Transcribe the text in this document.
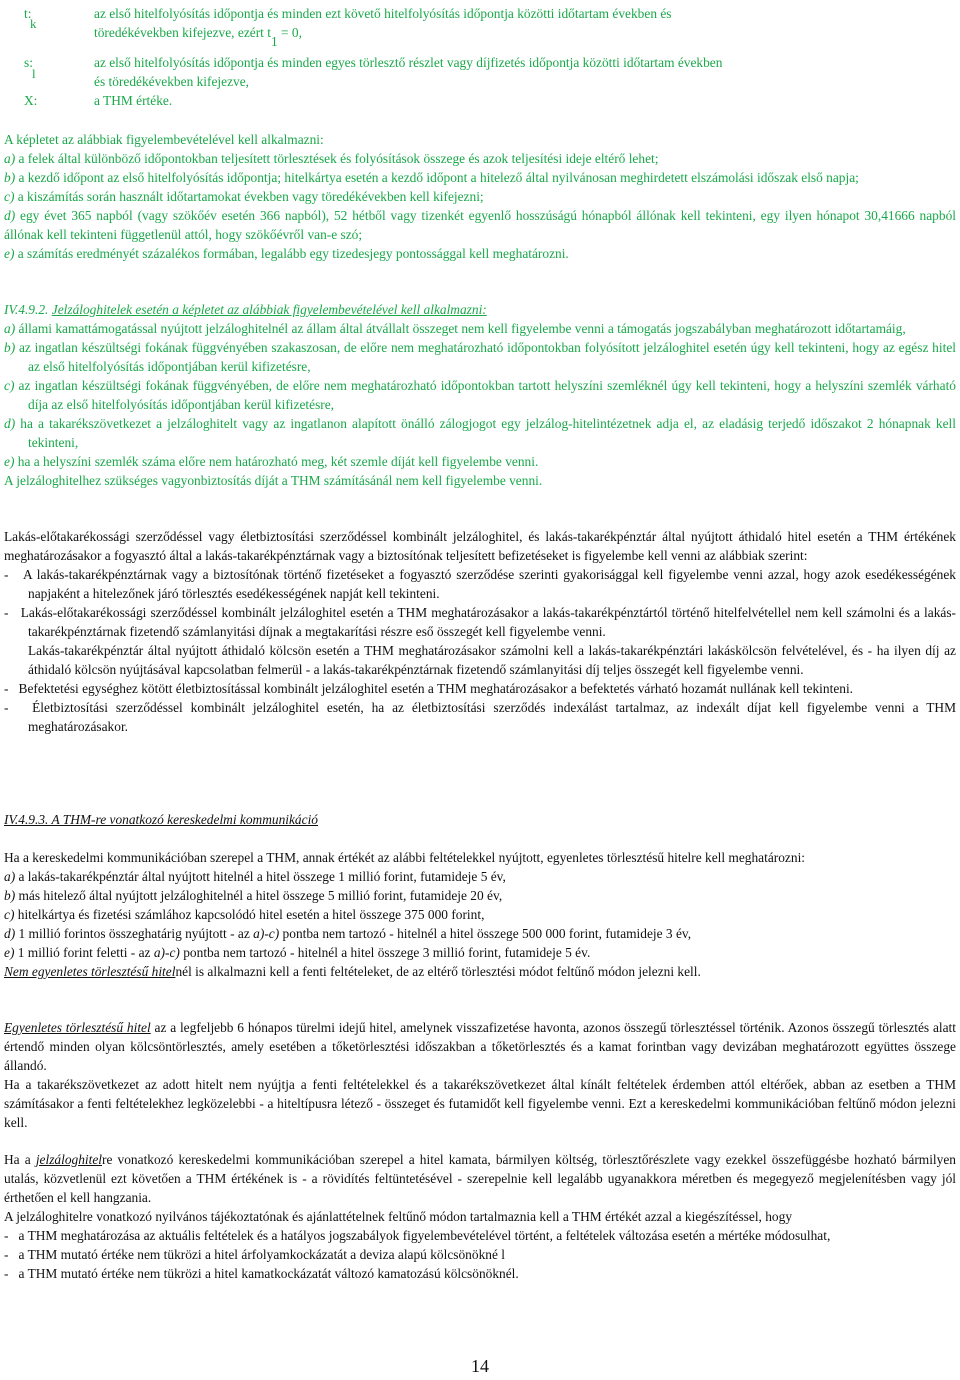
t:
k
az első hitelfolyósítás időpontja és minden ezt követő hitelfolyósítás időpontja közötti időtartam években és
töredékévekben kifejezve, ezért t1 = 0,
s:
l
az első hitelfolyósítás időpontja és minden egyes törlesztő részlet vagy díjfizetés időpontja közötti időtartam években
és töredékévekben kifejezve,
X:	a THM értéke.

A képletet az alábbiak figyelembevételével kell alkalmazni:

a) a felek által különböző időpontokban teljesített törlesztések és folyósítások összege és azok teljesítési ideje eltérő lehet;

b) a kezdő időpont az első hitelfolyósítás időpontja; hitelkártya esetén a kezdő időpont a hitelező által nyilvánosan meghirdetett elszámolási időszak első napja;

c) a kiszámítás során használt időtartamokat években vagy töredékévekben kell kifejezni;

d) egy évet 365 napból (vagy szökőév esetén 366 napból), 52 hétből vagy tizenkét egyenlő hosszúságú hónapból állónak kell tekinteni, egy ilyen hónapot 30,41666 napból állónak kell tekinteni függetlenül attól, hogy szökőévről van-e szó;

e) a számítás eredményét százalékos formában, legalább egy tizedesjegy pontossággal kell meghatározni.

IV.4.9.2. Jelzáloghitelek esetén a képletet az alábbiak figyelembevételével kell alkalmazni:

a) állami kamattámogatással nyújtott jelzáloghitelnél az állam által átvállalt összeget nem kell figyelembe venni a támogatás jogszabályban meghatározott időtartamáig,

b) az ingatlan készültségi fokának függvényében szakaszosan, de előre nem meghatározható időpontokban folyósított jelzáloghitel esetén úgy kell tekinteni, hogy az egész hitel az első hitelfolyósítás időpontjában kerül kifizetésre,

c) az ingatlan készültségi fokának függvényében, de előre nem meghatározható időpontokban tartott helyszíni szemléknél úgy kell tekinteni, hogy a helyszíni szemlék várható díja az első hitelfolyósítás időpontjában kerül kifizetésre,

d) ha a takarékszövetkezet a jelzáloghitelt vagy az ingatlanon alapított önálló zálogjogot egy jelzálog-hitelintézetnek adja el, az eladásig terjedő időszakot 2 hónapnak kell tekinteni,

e) ha a helyszíni szemlék száma előre nem határozható meg, két szemle díját kell figyelembe venni.

A jelzáloghitelhez szükséges vagyonbiztosítás díját a THM számításánál nem kell figyelembe venni.

Lakás-előtakarékossági szerződéssel vagy életbiztosítási szerződéssel kombinált jelzáloghitel, és lakás-takarékpénztár által nyújtott áthidaló hitel esetén a THM értékének meghatározásakor a fogyasztó által a lakás-takarékpénztárnak vagy a biztosítónak teljesített befizetéseket is figyelembe kell venni az alábbiak szerint:

- A lakás-takarékpénztárnak vagy a biztosítónak történő fizetéseket a fogyasztó szerződése szerinti gyakorisággal kell figyelembe venni azzal, hogy azok esedékességének napjaként a hitelezőnek járó törlesztés esedékességének napját kell tekinteni.

- Lakás-előtakarékossági szerződéssel kombinált jelzáloghitel esetén a THM meghatározásakor a lakás-takarékpénztártól történő hitelfelvétellel nem kell számolni és a lakás-takarékpénztárnak fizetendő számlanyitási díjnak a megtakarítási részre eső összegét kell figyelembe venni.

Lakás-takarékpénztár által nyújtott áthidaló kölcsön esetén a THM meghatározásakor számolni kell a lakás-takarékpénztári lakáskölcsön felvételével, és - ha ilyen díj az áthidaló kölcsön nyújtásával kapcsolatban felmerül - a lakás-takarékpénztárnak fizetendő számlanyitási díj teljes összegét kell figyelembe venni.

- Befektetési egységhez kötött életbiztosítással kombinált jelzáloghitel esetén a THM meghatározásakor a befektetés várható hozamát nullának kell tekinteni.

- Életbiztosítási szerződéssel kombinált jelzáloghitel esetén, ha az életbiztosítási szerződés indexálást tartalmaz, az indexált díjat kell figyelembe venni a THM meghatározásakor.

IV.4.9.3. A THM-re vonatkozó kereskedelmi kommunikáció

Ha a kereskedelmi kommunikációban szerepel a THM, annak értékét az alábbi feltételekkel nyújtott, egyenletes törlesztésű hitelre kell meghatározni:

a) a lakás-takarékpénztár által nyújtott hitelnél a hitel összege 1 millió forint, futamideje 5 év,

b) más hitelező által nyújtott jelzáloghitelnél a hitel összege 5 millió forint, futamideje 20 év,

c) hitelkártya és fizetési számlához kapcsolódó hitel esetén a hitel összege 375 000 forint,

d) 1 millió forintos összeghatárig nyújtott - az a)-c) pontba nem tartozó - hitelnél a hitel összege 500 000 forint, futamideje 3 év,

e) 1 millió forint feletti - az a)-c) pontba nem tartozó - hitelnél a hitel összege 3 millió forint, futamideje 5 év.

Nem egyenletes törlesztésű hitelnél is alkalmazni kell a fenti feltételeket, de az eltérő törlesztési módot feltűnő módon jelezni kell.

Egyenletes törlesztésű hitel az a legfeljebb 6 hónapos türelmi idejű hitel, amelynek visszafizetése havonta, azonos összegű törlesztéssel történik. Azonos összegű törlesztés alatt értendő minden olyan kölcsöntörlesztés, amely esetében a tőketörlesztési időszakban a tőketörlesztés és a kamat forintban vagy devizában meghatározott együttes összege állandó.

Ha a takarékszövetkezet az adott hitelt nem nyújtja a fenti feltételekkel és a takarékszövetkezet által kínált feltételek érdemben attól eltérőek, abban az esetben a THM számításakor a fenti feltételekhez legközelebbi - a hiteltípusra létező - összeget és futamidőt kell figyelembe venni. Ezt a kereskedelmi kommunikációban feltűnő módon jelezni kell.

Ha a jelzáloghitelre vonatkozó kereskedelmi kommunikációban szerepel a hitel kamata, bármilyen költség, törlesztőrészlete vagy ezekkel összefüggésbe hozható bármilyen utalás, közvetlenül ezt követően a THM értékének is - a rövidítés feltüntetésével - szerepelnie kell legalább ugyanakkora méretben és megegyező megjelenítésben vagy jól érthetően el kell hangzania.

A jelzáloghitelre vonatkozó nyilvános tájékoztatónak és ajánlattételnek feltűnő módon tartalmaznia kell a THM értékét azzal a kiegészítéssel, hogy

- a THM meghatározása az aktuális feltételek és a hatályos jogszabályok figyelembevételével történt, a feltételek változása esetén a mértéke módosulhat,

- a THM mutató értéke nem tükrözi a hitel árfolyamkockázatát a deviza alapú kölcsönökné l

- a THM mutató értéke nem tükrözi a hitel kamatkockázatát változó kamatozású kölcsönöknél.

14
